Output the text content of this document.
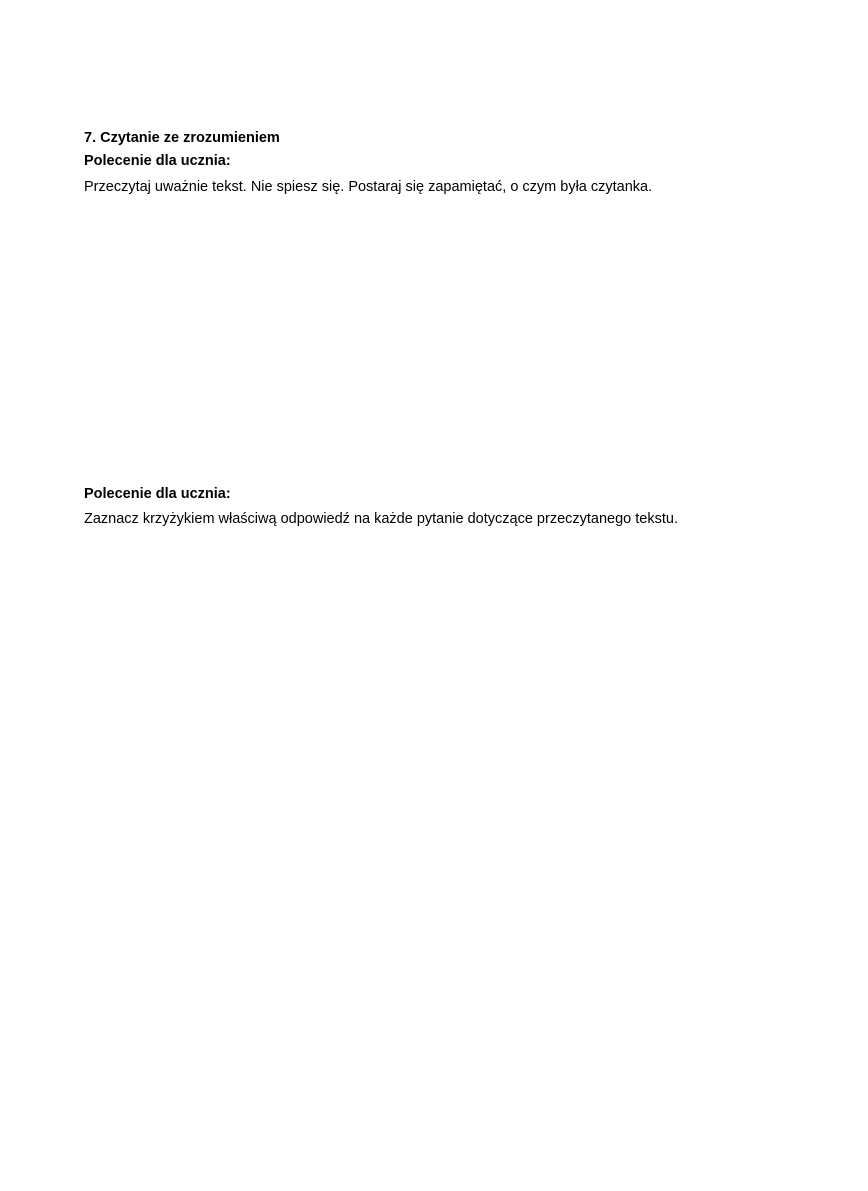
7. Czytanie ze zrozumieniem
Polecenie dla ucznia:
Przeczytaj uważnie tekst. Nie spiesz się. Postaraj się zapamiętać, o czym była czytanka.
Polecenie dla ucznia:
Zaznacz krzyżykiem właściwą odpowiedź na każde pytanie dotyczące przeczytanego tekstu.
